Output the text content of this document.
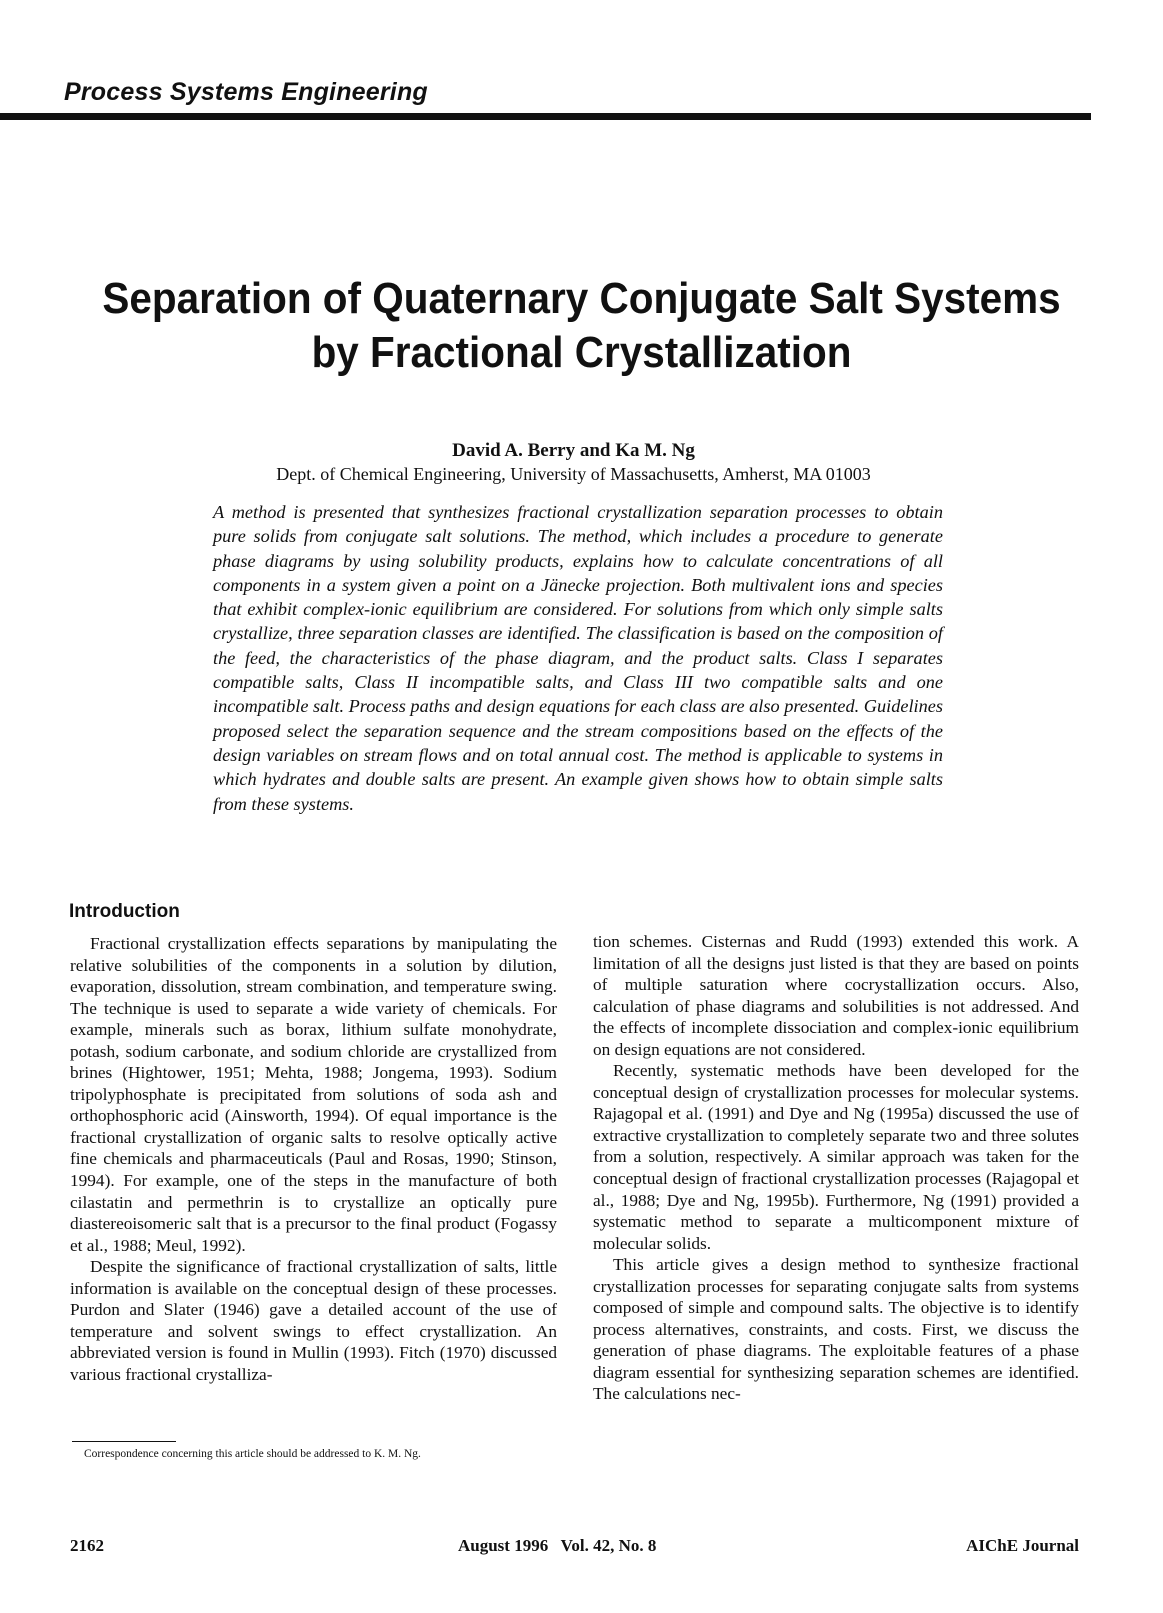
Process Systems Engineering
Separation of Quaternary Conjugate Salt Systems
by Fractional Crystallization
David A. Berry and Ka M. Ng
Dept. of Chemical Engineering, University of Massachusetts, Amherst, MA 01003
A method is presented that synthesizes fractional crystallization separation processes to obtain pure solids from conjugate salt solutions. The method, which includes a procedure to generate phase diagrams by using solubility products, explains how to calculate concentrations of all components in a system given a point on a Jänecke projection. Both multivalent ions and species that exhibit complex-ionic equilibrium are considered. For solutions from which only simple salts crystallize, three separation classes are identified. The classification is based on the composition of the feed, the characteristics of the phase diagram, and the product salts. Class I separates compatible salts, Class II incompatible salts, and Class III two compatible salts and one incompatible salt. Process paths and design equations for each class are also presented. Guidelines proposed select the separation sequence and the stream compositions based on the effects of the design variables on stream flows and on total annual cost. The method is applicable to systems in which hydrates and double salts are present. An example given shows how to obtain simple salts from these systems.
Introduction

Fractional crystallization effects separations by manipulating the relative solubilities of the components in a solution by dilution, evaporation, dissolution, stream combination, and temperature swing. The technique is used to separate a wide variety of chemicals. For example, minerals such as borax, lithium sulfate monohydrate, potash, sodium carbonate, and sodium chloride are crystallized from brines (Hightower, 1951; Mehta, 1988; Jongema, 1993). Sodium tripolyphosphate is precipitated from solutions of soda ash and orthophosphoric acid (Ainsworth, 1994). Of equal importance is the fractional crystallization of organic salts to resolve optically active fine chemicals and pharmaceuticals (Paul and Rosas, 1990; Stinson, 1994). For example, one of the steps in the manufacture of both cilastatin and permethrin is to crystallize an optically pure diastereoisomeric salt that is a precursor to the final product (Fogassy et al., 1988; Meul, 1992).

Despite the significance of fractional crystallization of salts, little information is available on the conceptual design of these processes. Purdon and Slater (1946) gave a detailed account of the use of temperature and solvent swings to effect crystallization. An abbreviated version is found in Mullin (1993). Fitch (1970) discussed various fractional crystalliza-

tion schemes. Cisternas and Rudd (1993) extended this work. A limitation of all the designs just listed is that they are based on points of multiple saturation where cocrystallization occurs. Also, calculation of phase diagrams and solubilities is not addressed. And the effects of incomplete dissociation and complex-ionic equilibrium on design equations are not considered.

Recently, systematic methods have been developed for the conceptual design of crystallization processes for molecular systems. Rajagopal et al. (1991) and Dye and Ng (1995a) discussed the use of extractive crystallization to completely separate two and three solutes from a solution, respectively. A similar approach was taken for the conceptual design of fractional crystallization processes (Rajagopal et al., 1988; Dye and Ng, 1995b). Furthermore, Ng (1991) provided a systematic method to separate a multicomponent mixture of molecular solids.

This article gives a design method to synthesize fractional crystallization processes for separating conjugate salts from systems composed of simple and compound salts. The objective is to identify process alternatives, constraints, and costs. First, we discuss the generation of phase diagrams. The exploitable features of a phase diagram essential for synthesizing separation schemes are identified. The calculations nec-

Correspondence concerning this article should be addressed to K. M. Ng.
2162	August 1996   Vol. 42, No. 8	AIChE Journal
